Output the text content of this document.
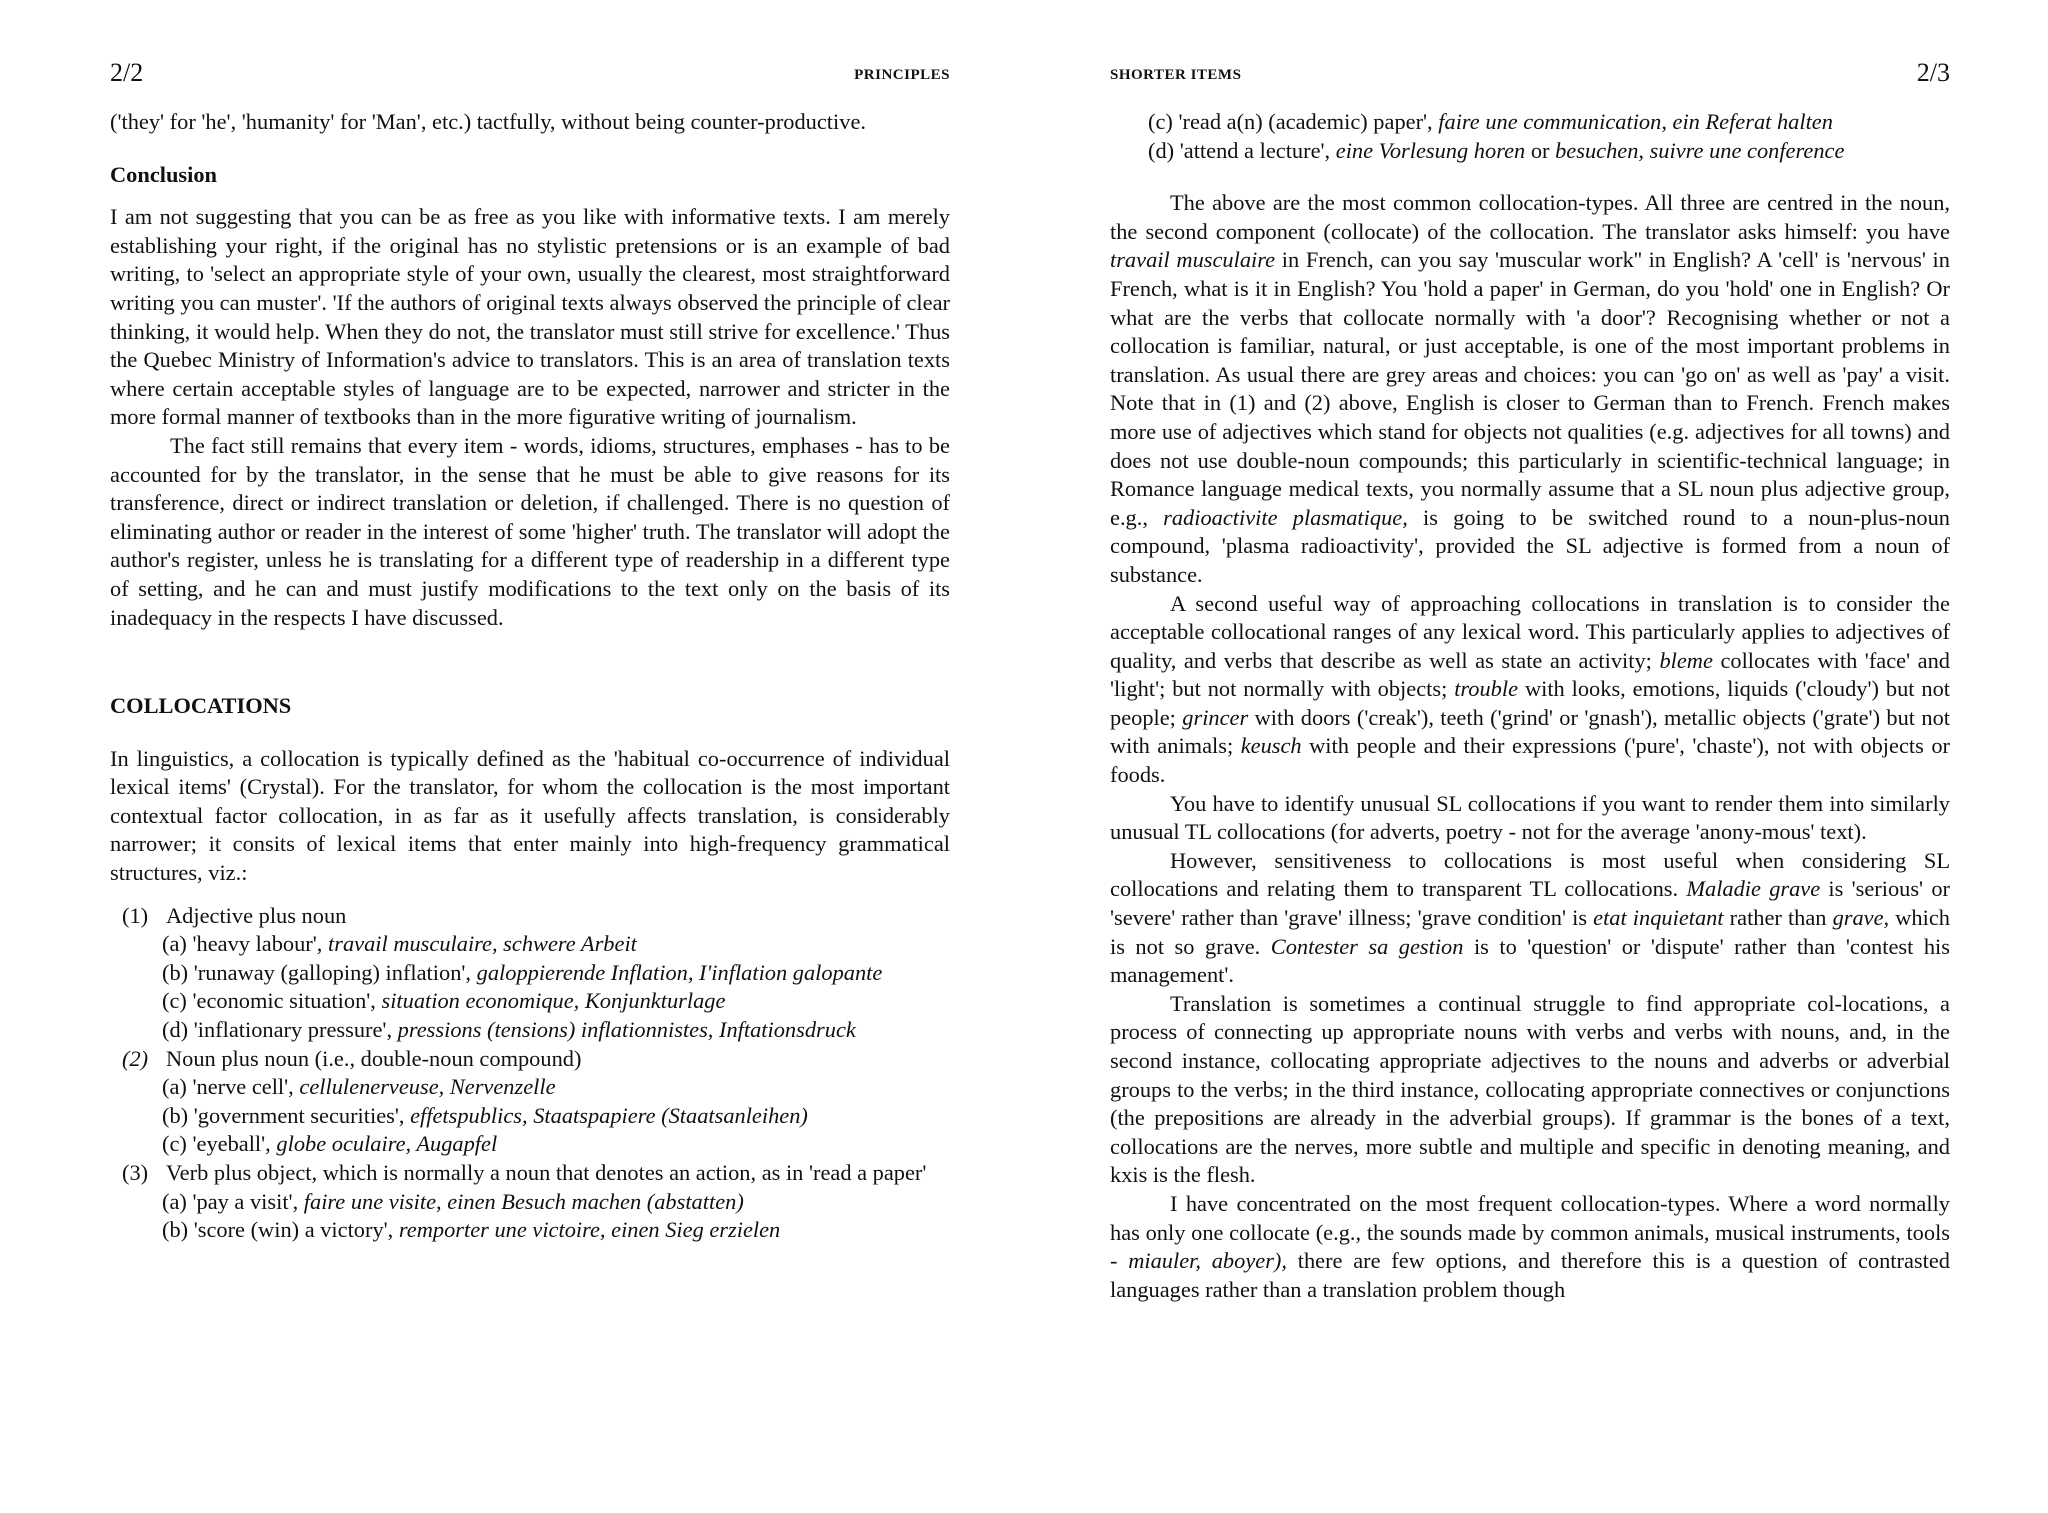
2/2	PRINCIPLES

('they' for 'he', 'humanity' for 'Man', etc.) tactfully, without being counter-productive.

Conclusion

I am not suggesting that you can be as free as you like with informative texts. I am merely establishing your right, if the original has no stylistic pretensions or is an example of bad writing, to 'select an appropriate style of your own, usually the clearest, most straightforward writing you can muster'. 'If the authors of original texts always observed the principle of clear thinking, it would help. When they do not, the translator must still strive for excellence.' Thus the Quebec Ministry of Information's advice to translators. This is an area of translation texts where certain acceptable styles of language are to be expected, narrower and stricter in the more formal manner of textbooks than in the more figurative writing of journalism.

The fact still remains that every item - words, idioms, structures, emphases - has to be accounted for by the translator, in the sense that he must be able to give reasons for its transference, direct or indirect translation or deletion, if challenged. There is no question of eliminating author or reader in the interest of some 'higher' truth. The translator will adopt the author's register, unless he is translating for a different type of readership in a different type of setting, and he can and must justify modifications to the text only on the basis of its inadequacy in the respects I have discussed.

COLLOCATIONS

In linguistics, a collocation is typically defined as the 'habitual co-occurrence of individual lexical items' (Crystal). For the translator, for whom the collocation is the most important contextual factor collocation, in as far as it usefully affects translation, is considerably narrower; it consits of lexical items that enter mainly into high-frequency grammatical structures, viz.:

(1) Adjective plus noun
(a) 'heavy labour', travail musculaire, schwere Arbeit
(b) 'runaway (galloping) inflation', galoppierende Inflation, I'inflation galopante
(c) 'economic situation', situation economique, Konjunkturlage
(d) 'inflationary pressure', pressions (tensions) inflationnistes, Inftationsdruck
(2) Noun plus noun (i.e., double-noun compound)
(a) 'nerve cell', cellulenerveuse, Nervenzelle
(b) 'government securities', effetspublics, Staatspapiere (Staatsanleihen)
(c) 'eyeball', globe oculaire, Augapfel
(3) Verb plus object, which is normally a noun that denotes an action, as in 'read a paper'
(a) 'pay a visit', faire une visite, einen Besuch machen (abstatten)
(b) 'score (win) a victory', remporter une victoire, einen Sieg erzielen
SHORTER ITEMS	2/3
(c) 'read a(n) (academic) paper', faire une communication, ein Referat halten
(d) 'attend a lecture', eine Vorlesung horen or besuchen, suivre une conference

The above are the most common collocation-types. All three are centred in the noun, the second component (collocate) of the collocation. The translator asks himself: you have travail musculaire in French, can you say 'muscular work'' in English? A 'cell' is 'nervous' in French, what is it in English? You 'hold a paper' in German, do you 'hold' one in English? Or what are the verbs that collocate normally with 'a door'? Recognising whether or not a collocation is familiar, natural, or just acceptable, is one of the most important problems in translation. As usual there are grey areas and choices: you can 'go on' as well as 'pay' a visit. Note that in (1) and (2) above, English is closer to German than to French. French makes more use of adjectives which stand for objects not qualities (e.g. adjectives for all towns) and does not use double-noun compounds; this particularly in scientific-technical language; in Romance language medical texts, you normally assume that a SL noun plus adjective group, e.g., radioactivite plasmatique, is going to be switched round to a noun-plus-noun compound, 'plasma radioactivity', provided the SL adjective is formed from a noun of substance.

A second useful way of approaching collocations in translation is to consider the acceptable collocational ranges of any lexical word. This particularly applies to adjectives of quality, and verbs that describe as well as state an activity; bleme collocates with 'face' and 'light'; but not normally with objects; trouble with looks, emotions, liquids ('cloudy') but not people; grincer with doors ('creak'), teeth ('grind' or 'gnash'), metallic objects ('grate') but not with animals; keusch with people and their expressions ('pure', 'chaste'), not with objects or foods.

You have to identify unusual SL collocations if you want to render them into similarly unusual TL collocations (for adverts, poetry - not for the average 'anony-mous' text).

However, sensitiveness to collocations is most useful when considering SL collocations and relating them to transparent TL collocations. Maladie grave is 'serious' or 'severe' rather than 'grave' illness; 'grave condition' is etat inquietant rather than grave, which is not so grave. Contester sa gestion is to 'question' or 'dispute' rather than 'contest his management'.

Translation is sometimes a continual struggle to find appropriate col-locations, a process of connecting up appropriate nouns with verbs and verbs with nouns, and, in the second instance, collocating appropriate adjectives to the nouns and adverbs or adverbial groups to the verbs; in the third instance, collocating appropriate connectives or conjunctions (the prepositions are already in the adverbial groups). If grammar is the bones of a text, collocations are the nerves, more subtle and multiple and specific in denoting meaning, and kxis is the flesh.

I have concentrated on the most frequent collocation-types. Where a word normally has only one collocate (e.g., the sounds made by common animals, musical instruments, tools - miauler, aboyer), there are few options, and therefore this is a question of contrasted languages rather than a translation problem though
